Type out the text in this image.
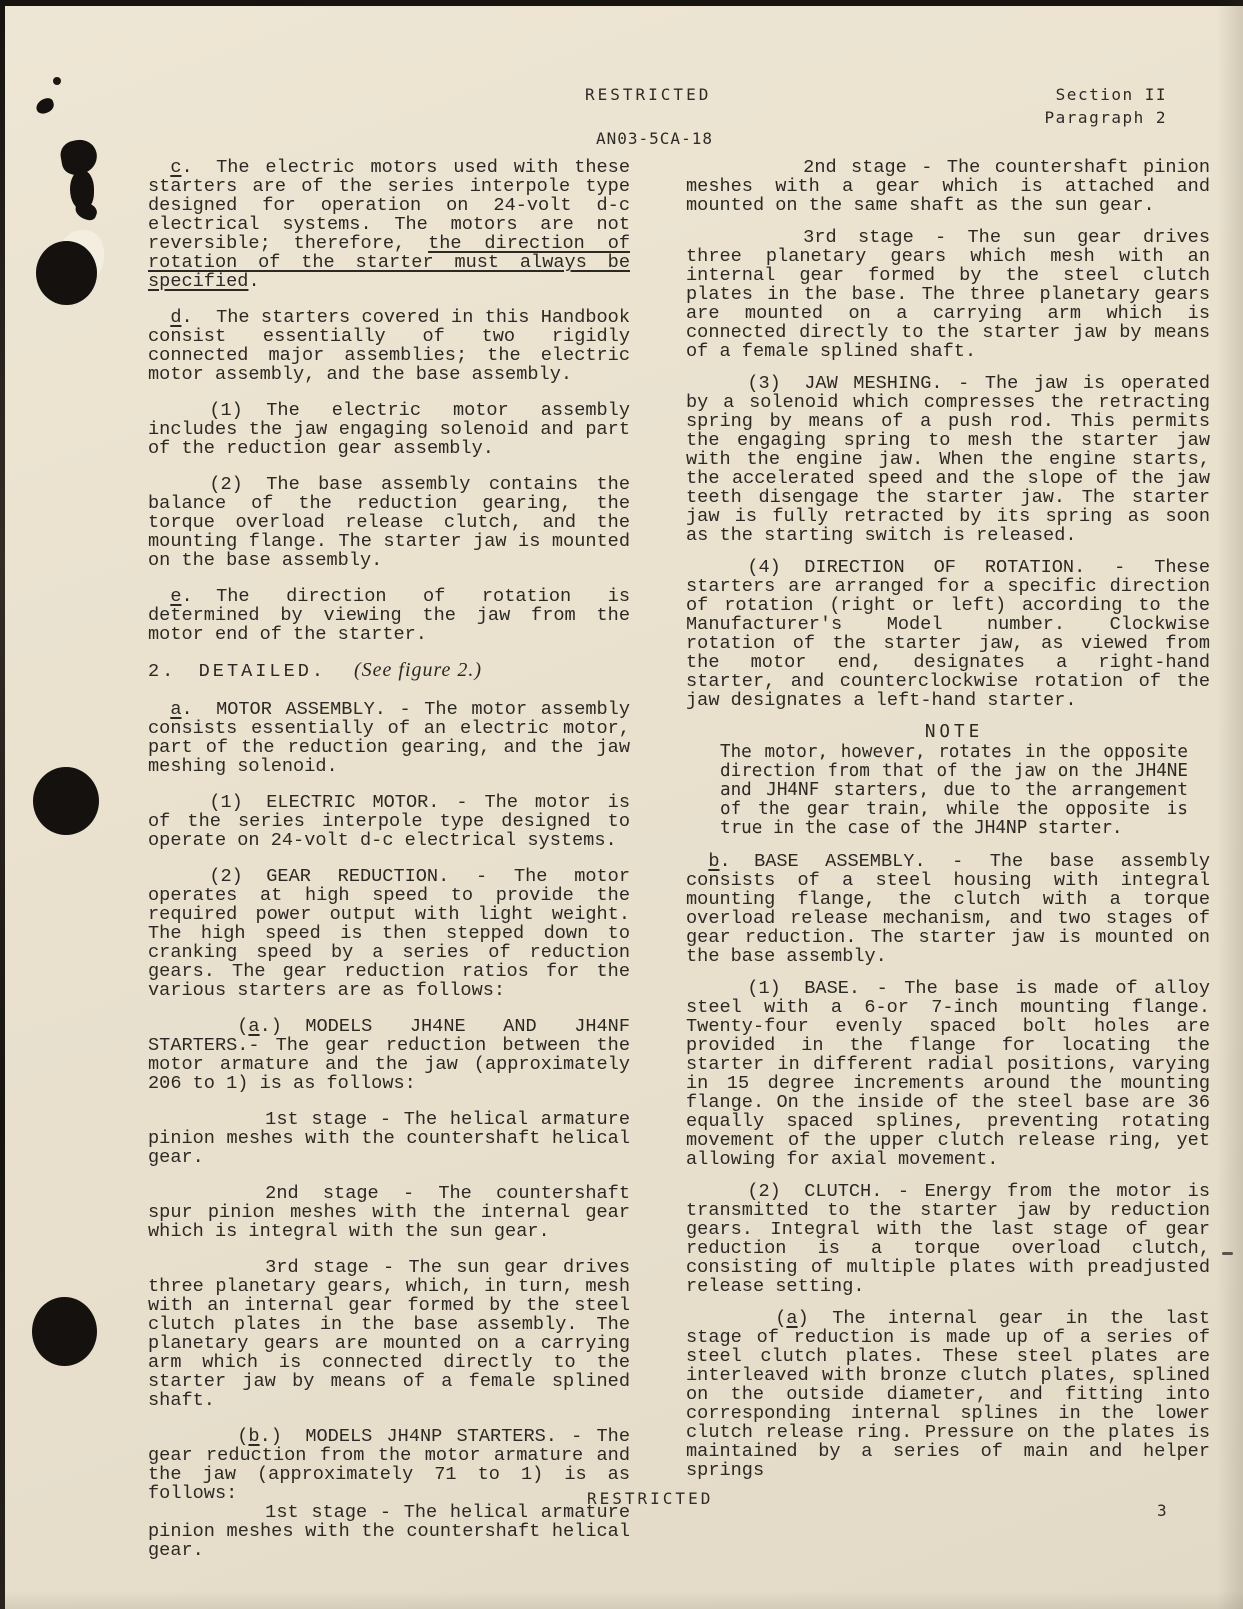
RESTRICTED	Section II
Paragraph 2
AN03-5CA-18

c. The electric motors used with these starters are of the series interpole type designed for operation on 24-volt d-c electrical systems. The motors are not reversible; therefore, the direction of rotation of the starter must always be specified.

d. The starters covered in this Handbook consist essentially of two rigidly connected major assemblies; the electric motor assembly, and the base assembly.

(1) The electric motor assembly includes the jaw engaging solenoid and part of the reduction gear assembly.

(2) The base assembly contains the balance of the reduction gearing, the torque overload release clutch, and the mounting flange. The starter jaw is mounted on the base assembly.

e. The direction of rotation is determined by viewing the jaw from the motor end of the starter.

2. DETAILED. (See figure 2.)

a. MOTOR ASSEMBLY. - The motor assembly consists essentially of an electric motor, part of the reduction gearing, and the jaw meshing solenoid.

(1) ELECTRIC MOTOR. - The motor is of the series interpole type designed to operate on 24-volt d-c electrical systems.

(2) GEAR REDUCTION. - The motor operates at high speed to provide the required power output with light weight. The high speed is then stepped down to cranking speed by a series of reduction gears. The gear reduction ratios for the various starters are as follows:

(a.) MODELS JH4NE AND JH4NF STARTERS.- The gear reduction between the motor armature and the jaw (approximately 206 to 1) is as follows:

1st stage - The helical armature pinion meshes with the countershaft helical gear.

2nd stage - The countershaft spur pinion meshes with the internal gear which is integral with the sun gear.

3rd stage - The sun gear drives three planetary gears, which, in turn, mesh with an internal gear formed by the steel clutch plates in the base assembly. The planetary gears are mounted on a carrying arm which is connected directly to the starter jaw by means of a female splined shaft.

(b.) MODELS JH4NP STARTERS. - The gear reduction from the motor armature and the jaw (approximately 71 to 1) is as follows:

1st stage - The helical armature pinion meshes with the countershaft helical gear.

2nd stage - The countershaft pinion meshes with a gear which is attached and mounted on the same shaft as the sun gear.

3rd stage - The sun gear drives three planetary gears which mesh with an internal gear formed by the steel clutch plates in the base. The three planetary gears are mounted on a carrying arm which is connected directly to the starter jaw by means of a female splined shaft.

(3) JAW MESHING. - The jaw is operated by a solenoid which compresses the retracting spring by means of a push rod. This permits the engaging spring to mesh the starter jaw with the engine jaw. When the engine starts, the accelerated speed and the slope of the jaw teeth disengage the starter jaw. The starter jaw is fully retracted by its spring as soon as the starting switch is released.

(4) DIRECTION OF ROTATION. - These starters are arranged for a specific direction of rotation (right or left) according to the Manufacturer's Model number. Clockwise rotation of the starter jaw, as viewed from the motor end, designates a right-hand starter, and counterclockwise rotation of the jaw designates a left-hand starter.

NOTE

The motor, however, rotates in the opposite direction from that of the jaw on the JH4NE and JH4NF starters, due to the arrangement of the gear train, while the opposite is true in the case of the JH4NP starter.

b. BASE ASSEMBLY. - The base assembly consists of a steel housing with integral mounting flange, the clutch with a torque overload release mechanism, and two stages of gear reduction. The starter jaw is mounted on the base assembly.

(1) BASE. - The base is made of alloy steel with a 6-or 7-inch mounting flange. Twenty-four evenly spaced bolt holes are provided in the flange for locating the starter in different radial positions, varying in 15 degree increments around the mounting flange. On the inside of the steel base are 36 equally spaced splines, preventing rotating movement of the upper clutch release ring, yet allowing for axial movement.

(2) CLUTCH. - Energy from the motor is transmitted to the starter jaw by reduction gears. Integral with the last stage of gear reduction is a torque overload clutch, consisting of multiple plates with preadjusted release setting.

(a) The internal gear in the last stage of reduction is made up of a series of steel clutch plates. These steel plates are interleaved with bronze clutch plates, splined on the outside diameter, and fitting into corresponding internal splines in the lower clutch release ring. Pressure on the plates is maintained by a series of main and helper springs

RESTRICTED
3
